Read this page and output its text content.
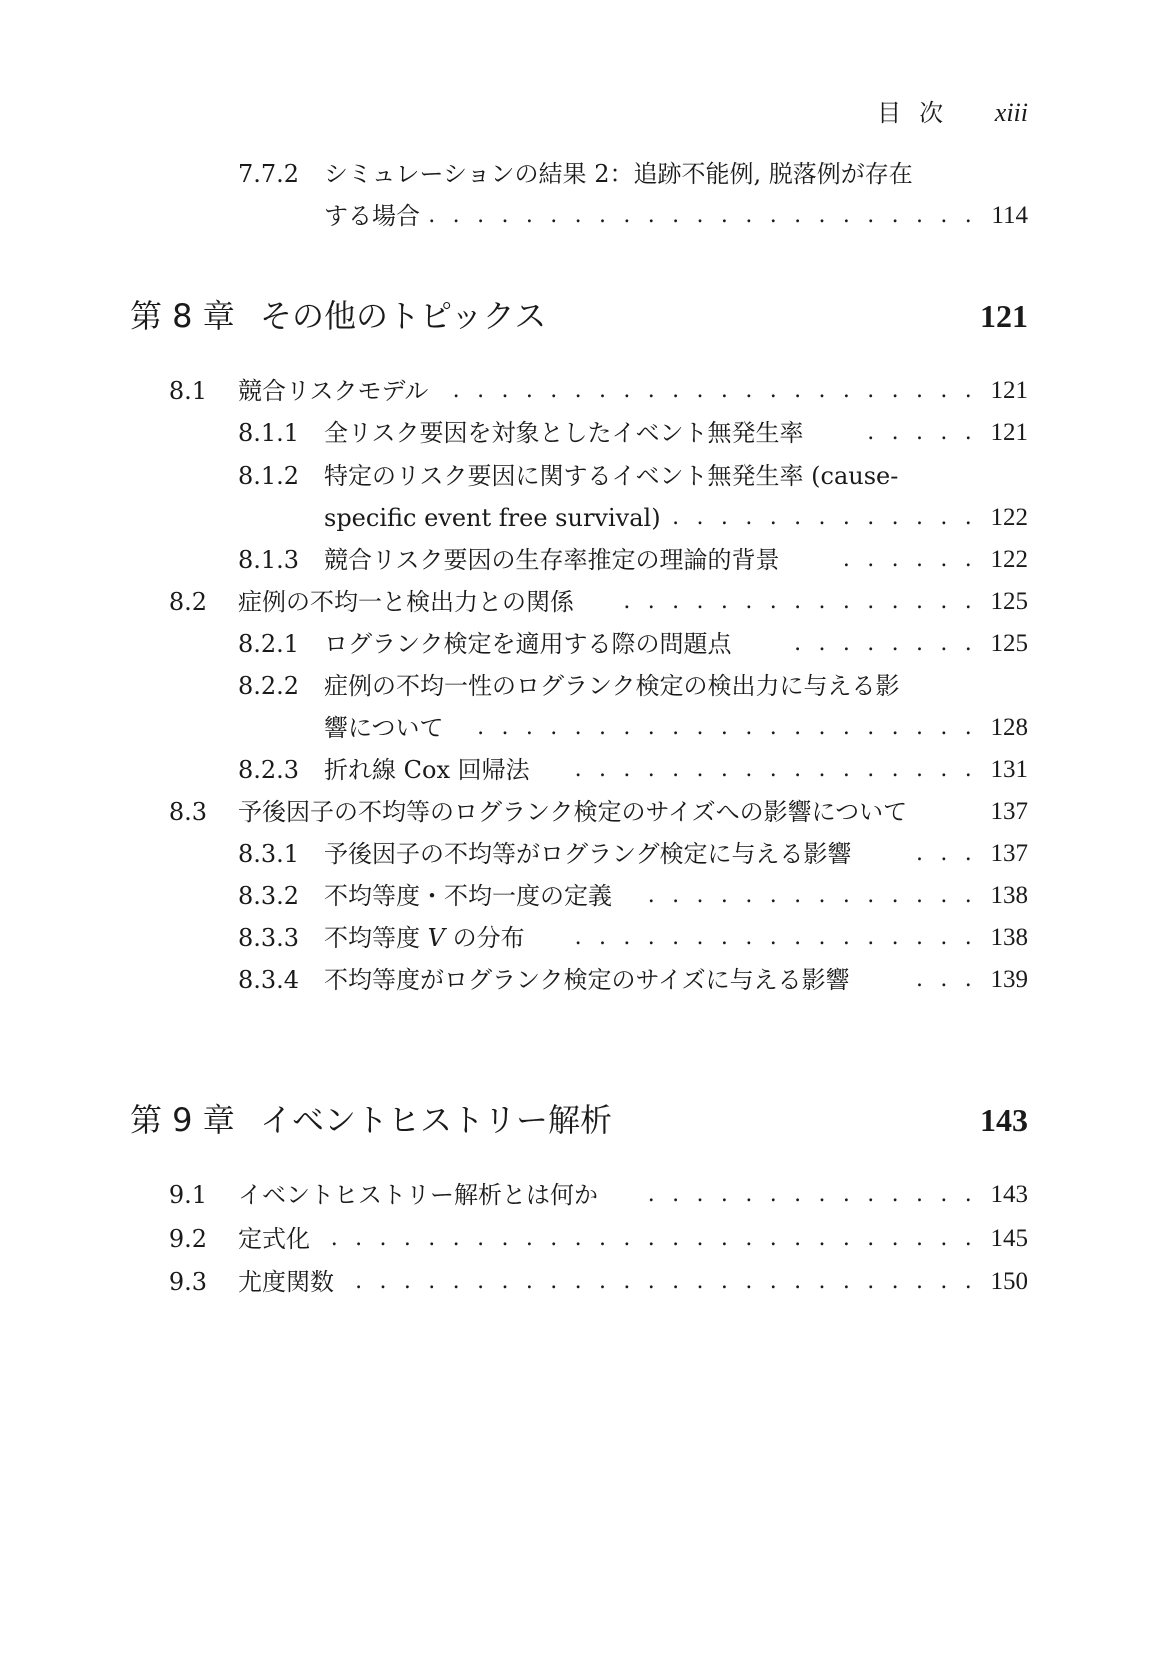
目次 xiii
7.7.2 シミュレーションの結果 2：追跡不能例, 脱落例が存在
する場合 . . .	114
第 8 章 その他のトピックス	121
8.1 競合リスクモデル . . .	121
8.1.1 全リスク要因を対象としたイベント無発生率 . . .	121
8.1.2 特定のリスク要因に関するイベント無発生率 (cause-
specific event free survival) . . .	122
8.1.3 競合リスク要因の生存率推定の理論的背景 . . .	122
8.2 症例の不均一と検出力との関係 . . .	125
8.2.1 ログランク検定を適用する際の問題点 . . .	125
8.2.2 症例の不均一性のログランク検定の検出力に与える影
響について . . .	128
8.2.3 折れ線 Cox 回帰法 . . .	131
8.3 予後因子の不均等のログランク検定のサイズへの影響について	137
8.3.1 予後因子の不均等がログラング検定に与える影響 . . .	137
8.3.2 不均等度・不均一度の定義 . . .	138
8.3.3 不均等度 V の分布 . . .	138
8.3.4 不均等度がログランク検定のサイズに与える影響 . . .	139
第 9 章 イベントヒストリー解析	143
9.1 イベントヒストリー解析とは何か . . .	143
9.2 定式化 . . .	145
9.3 尤度関数 . . .	150
